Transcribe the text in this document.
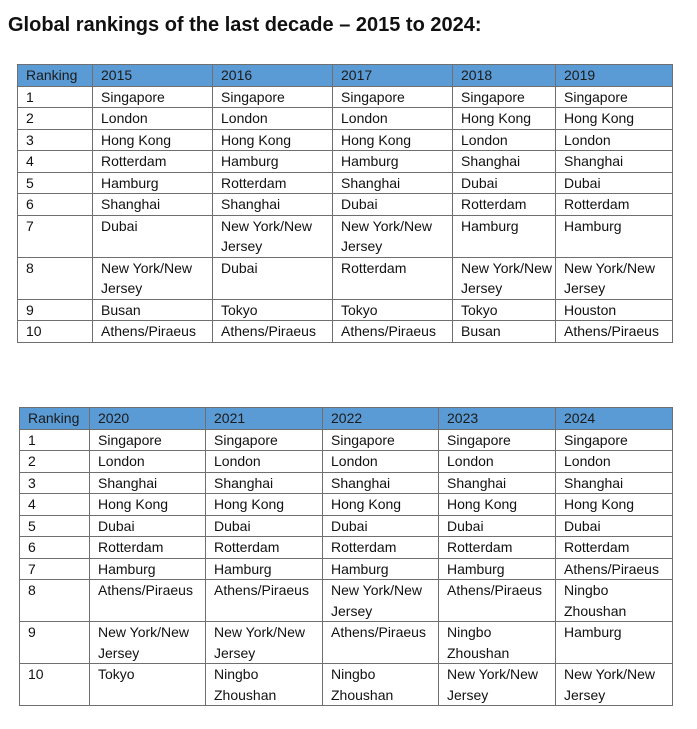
Global rankings of the last decade – 2015 to 2024:
Ranking	2015	2016	2017	2018	2019
1	Singapore	Singapore	Singapore	Singapore	Singapore
2	London	London	London	Hong Kong	Hong Kong
3	Hong Kong	Hong Kong	Hong Kong	London	London
4	Rotterdam	Hamburg	Hamburg	Shanghai	Shanghai
5	Hamburg	Rotterdam	Shanghai	Dubai	Dubai
6	Shanghai	Shanghai	Dubai	Rotterdam	Rotterdam
7	Dubai	New York/New Jersey	New York/New Jersey	Hamburg	Hamburg
8	New York/New Jersey	Dubai	Rotterdam	New York/New Jersey	New York/New Jersey
9	Busan	Tokyo	Tokyo	Tokyo	Houston
10	Athens/Piraeus	Athens/Piraeus	Athens/Piraeus	Busan	Athens/Piraeus
Ranking	2020	2021	2022	2023	2024
1	Singapore	Singapore	Singapore	Singapore	Singapore
2	London	London	London	London	London
3	Shanghai	Shanghai	Shanghai	Shanghai	Shanghai
4	Hong Kong	Hong Kong	Hong Kong	Hong Kong	Hong Kong
5	Dubai	Dubai	Dubai	Dubai	Dubai
6	Rotterdam	Rotterdam	Rotterdam	Rotterdam	Rotterdam
7	Hamburg	Hamburg	Hamburg	Hamburg	Athens/Piraeus
8	Athens/Piraeus	Athens/Piraeus	New York/New Jersey	Athens/Piraeus	Ningbo Zhoushan
9	New York/New Jersey	New York/New Jersey	Athens/Piraeus	Ningbo Zhoushan	Hamburg
10	Tokyo	Ningbo Zhoushan	Ningbo Zhoushan	New York/New Jersey	New York/New Jersey
